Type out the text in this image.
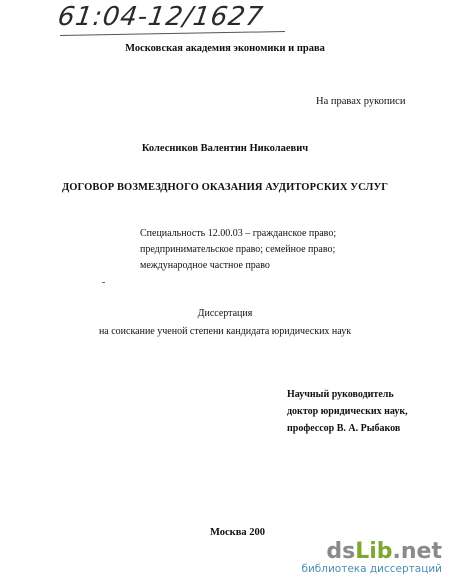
61:04-12/1627
Московская академия экономики и права
На правах рукописи
Колесников Валентин Николаевич
ДОГОВОР ВОЗМЕЗДНОГО ОКАЗАНИЯ АУДИТОРСКИХ УСЛУГ
Специальность 12.00.03 – гражданское право;
предпринимательское право; семейное право;
международное частное право
Диссертация
на соискание ученой степени кандидата юридических наук
Научный руководитель
доктор юридических наук,
профессор В. А. Рыбаков
Москва 200
dsLib.net
библиотека диссертаций
